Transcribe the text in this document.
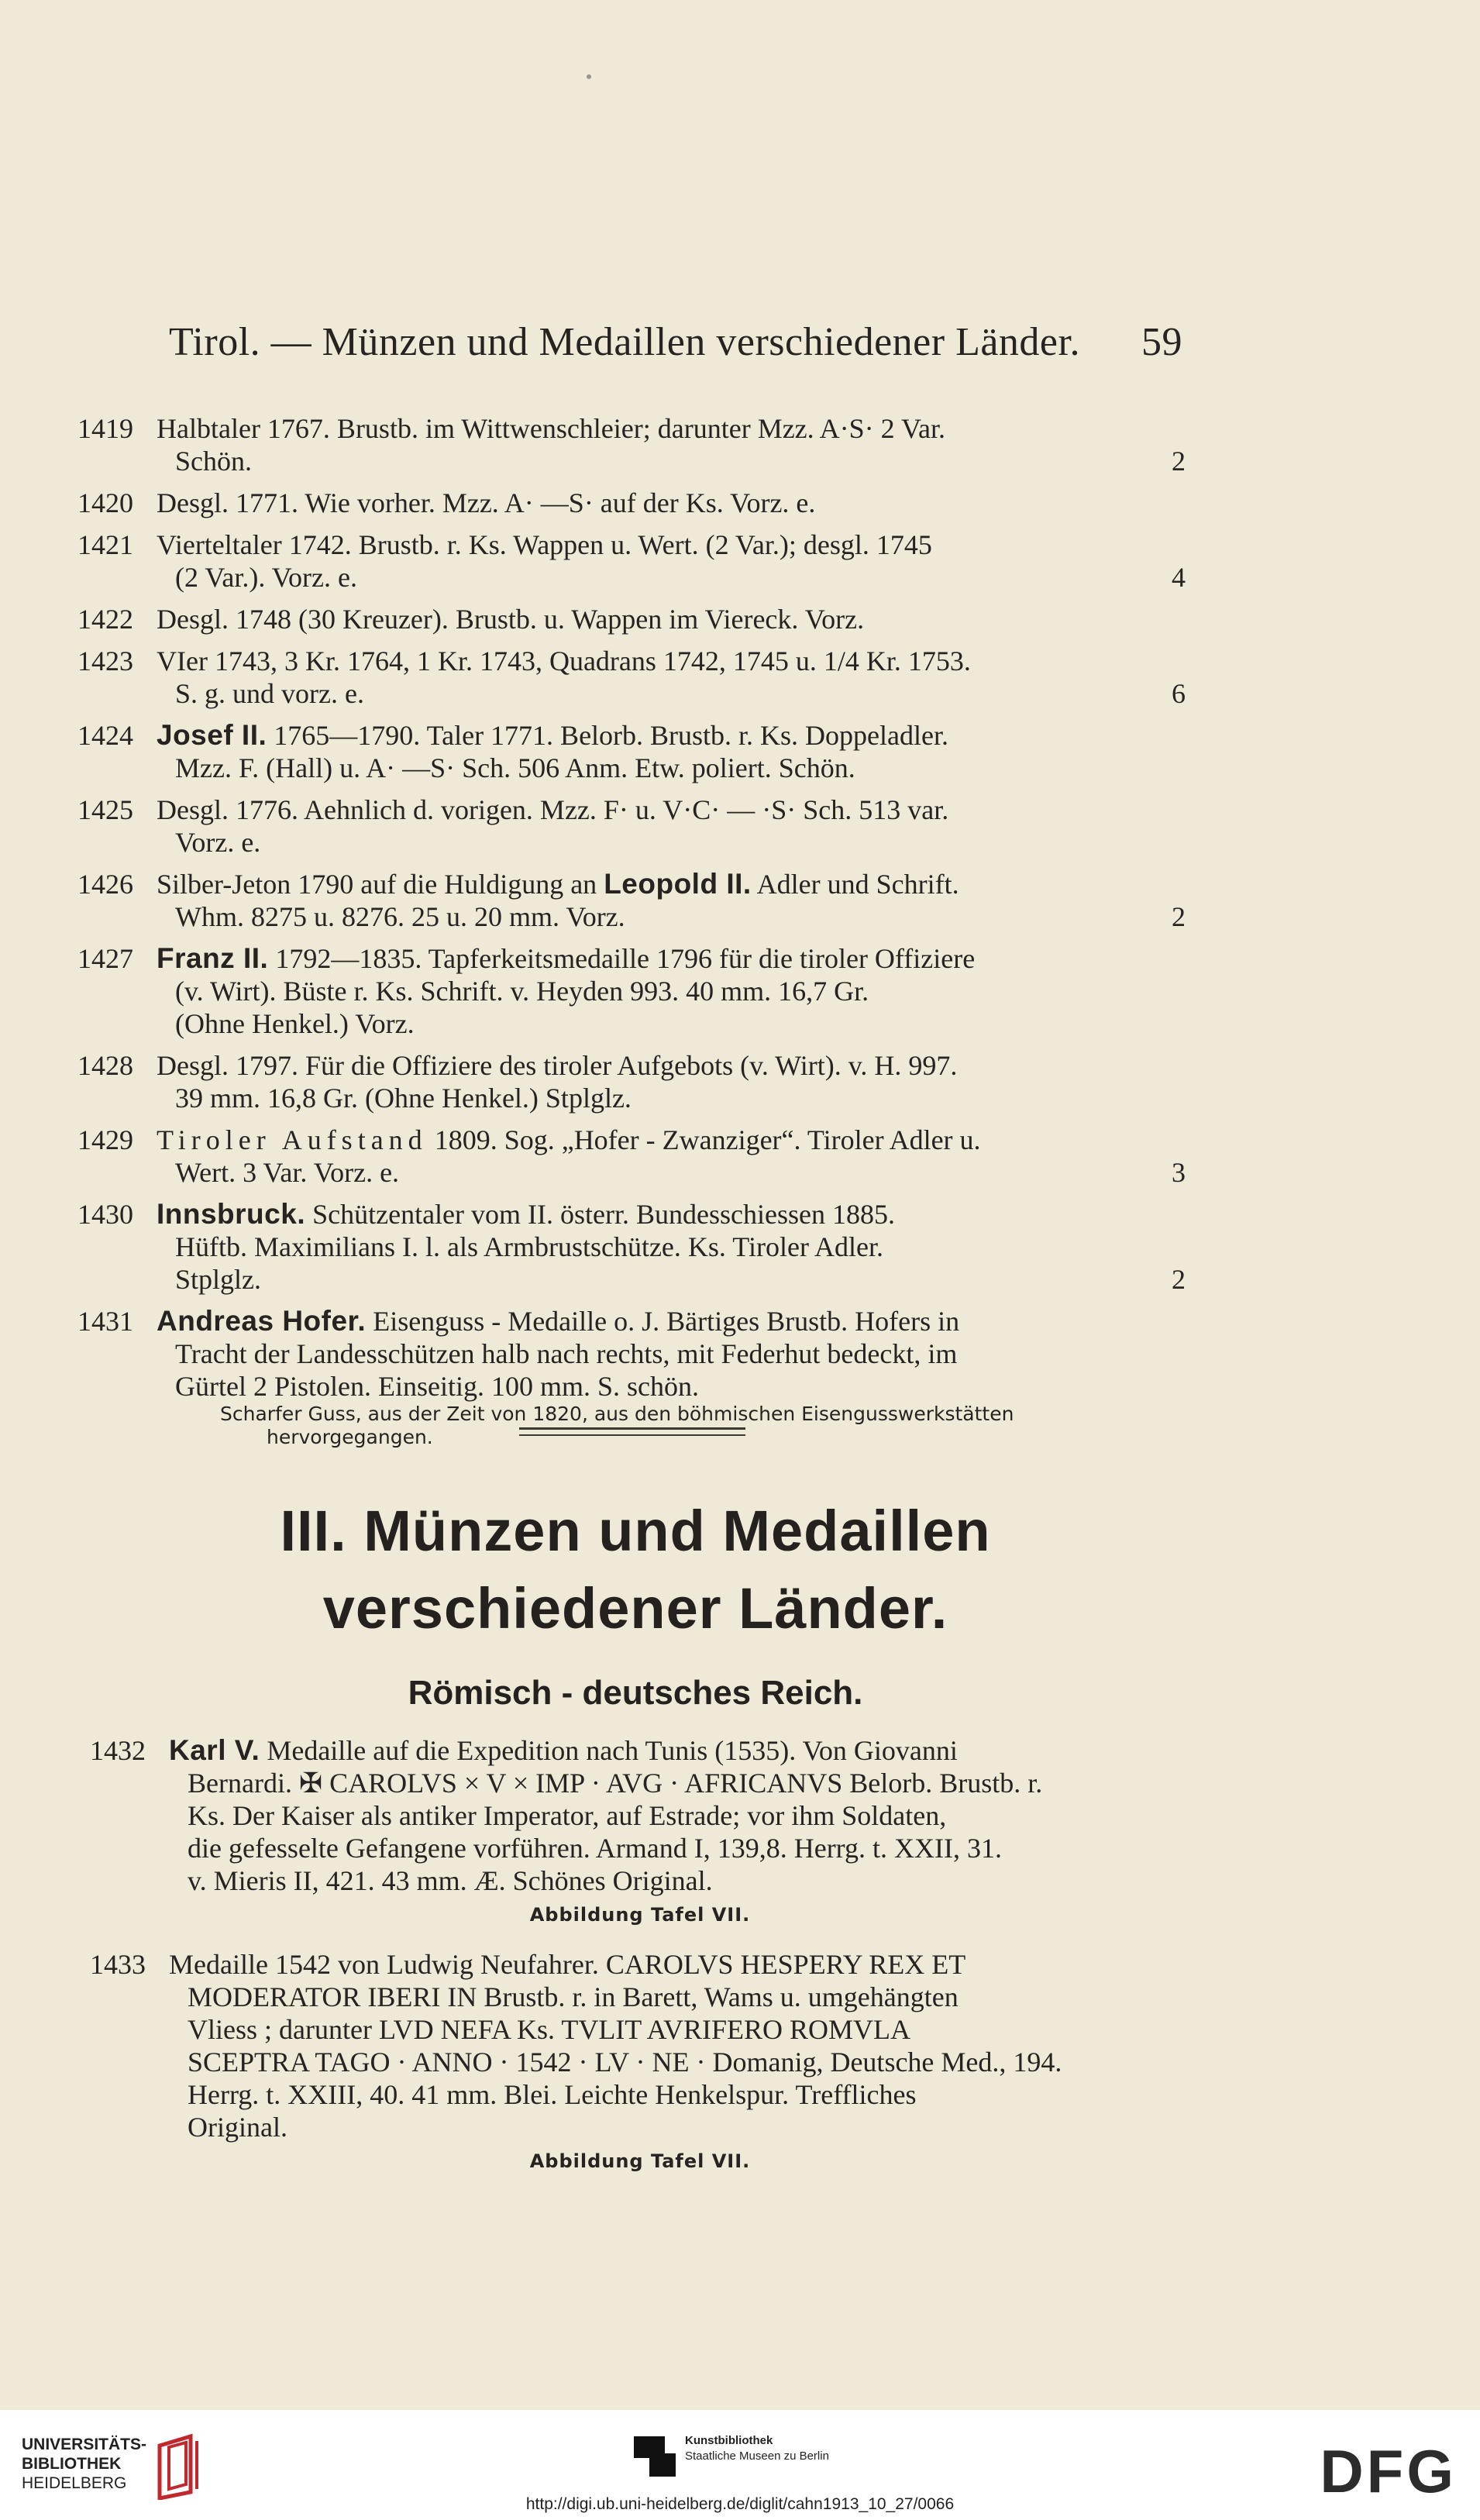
Tirol. — Münzen und Medaillen verschiedener Länder. 59
1419 Halbtaler 1767. Brustb. im Wittwenschleier; darunter Mzz. A·S· 2 Var.
Schön.	2
1420 Desgl. 1771. Wie vorher. Mzz. A· —S· auf der Ks. Vorz. e.
1421 Vierteltaler 1742. Brustb. r. Ks. Wappen u. Wert. (2 Var.); desgl. 1745
(2 Var.). Vorz. e.	4
1422 Desgl. 1748 (30 Kreuzer). Brustb. u. Wappen im Viereck. Vorz.
1423 VIer 1743, 3 Kr. 1764, 1 Kr. 1743, Quadrans 1742, 1745 u. 1/4 Kr. 1753.
S. g. und vorz. e.	6
1424 Josef II. 1765—1790. Taler 1771. Belorb. Brustb. r. Ks. Doppeladler.
Mzz. F. (Hall) u. A· —S· Sch. 506 Anm. Etw. poliert. Schön.
1425 Desgl. 1776. Aehnlich d. vorigen. Mzz. F· u. V·C· — ·S· Sch. 513 var.
Vorz. e.
1426 Silber-Jeton 1790 auf die Huldigung an Leopold II. Adler und Schrift.
Whm. 8275 u. 8276. 25 u. 20 mm. Vorz.	2
1427 Franz II. 1792—1835. Tapferkeitsmedaille 1796 für die tiroler Offiziere
(v. Wirt). Büste r. Ks. Schrift. v. Heyden 993. 40 mm. 16,7 Gr.
(Ohne Henkel.) Vorz.
1428 Desgl. 1797. Für die Offiziere des tiroler Aufgebots (v. Wirt). v. H. 997.
39 mm. 16,8 Gr. (Ohne Henkel.) Stplglz.
1429 Tiroler Aufstand 1809. Sog. „Hofer - Zwanziger“. Tiroler Adler u.
Wert. 3 Var. Vorz. e.	3
1430 Innsbruck. Schützentaler vom II. österr. Bundesschiessen 1885.
Hüftb. Maximilians I. l. als Armbrustschütze. Ks. Tiroler Adler.
Stplglz.	2
1431 Andreas Hofer. Eisenguss - Medaille o. J. Bärtiges Brustb. Hofers in
Tracht der Landesschützen halb nach rechts, mit Federhut bedeckt, im
Gürtel 2 Pistolen. Einseitig. 100 mm. S. schön.
Scharfer Guss, aus der Zeit von 1820, aus den böhmischen Eisengusswerkstätten
hervorgegangen.
III. Münzen und Medaillen
verschiedener Länder.
Römisch - deutsches Reich.
1432 Karl V. Medaille auf die Expedition nach Tunis (1535). Von Giovanni
Bernardi. ✠ CAROLVS × V × IMP · AVG · AFRICANVS Belorb. Brustb. r.
Ks. Der Kaiser als antiker Imperator, auf Estrade; vor ihm Soldaten,
die gefesselte Gefangene vorführen. Armand I, 139,8. Herrg. t. XXII, 31.
v. Mieris II, 421. 43 mm. Æ. Schönes Original.
Abbildung Tafel VII.
1433 Medaille 1542 von Ludwig Neufahrer. CAROLVS HESPERY REX ET
MODERATOR IBERI IN Brustb. r. in Barett, Wams u. umgehängten
Vliess ; darunter LVD NEFA Ks. TVLIT AVRIFERO ROMVLA
SCEPTRA TAGO · ANNO · 1542 · LV · NE · Domanig, Deutsche Med., 194.
Herrg. t. XXIII, 40. 41 mm. Blei. Leichte Henkelspur. Treffliches
Original.
Abbildung Tafel VII.
UNIVERSITÄTS-
BIBLIOTHEK
HEIDELBERG
Kunstbibliothek
Staatliche Museen zu Berlin	DFG
http://digi.ub.uni-heidelberg.de/diglit/cahn1913_10_27/0066
